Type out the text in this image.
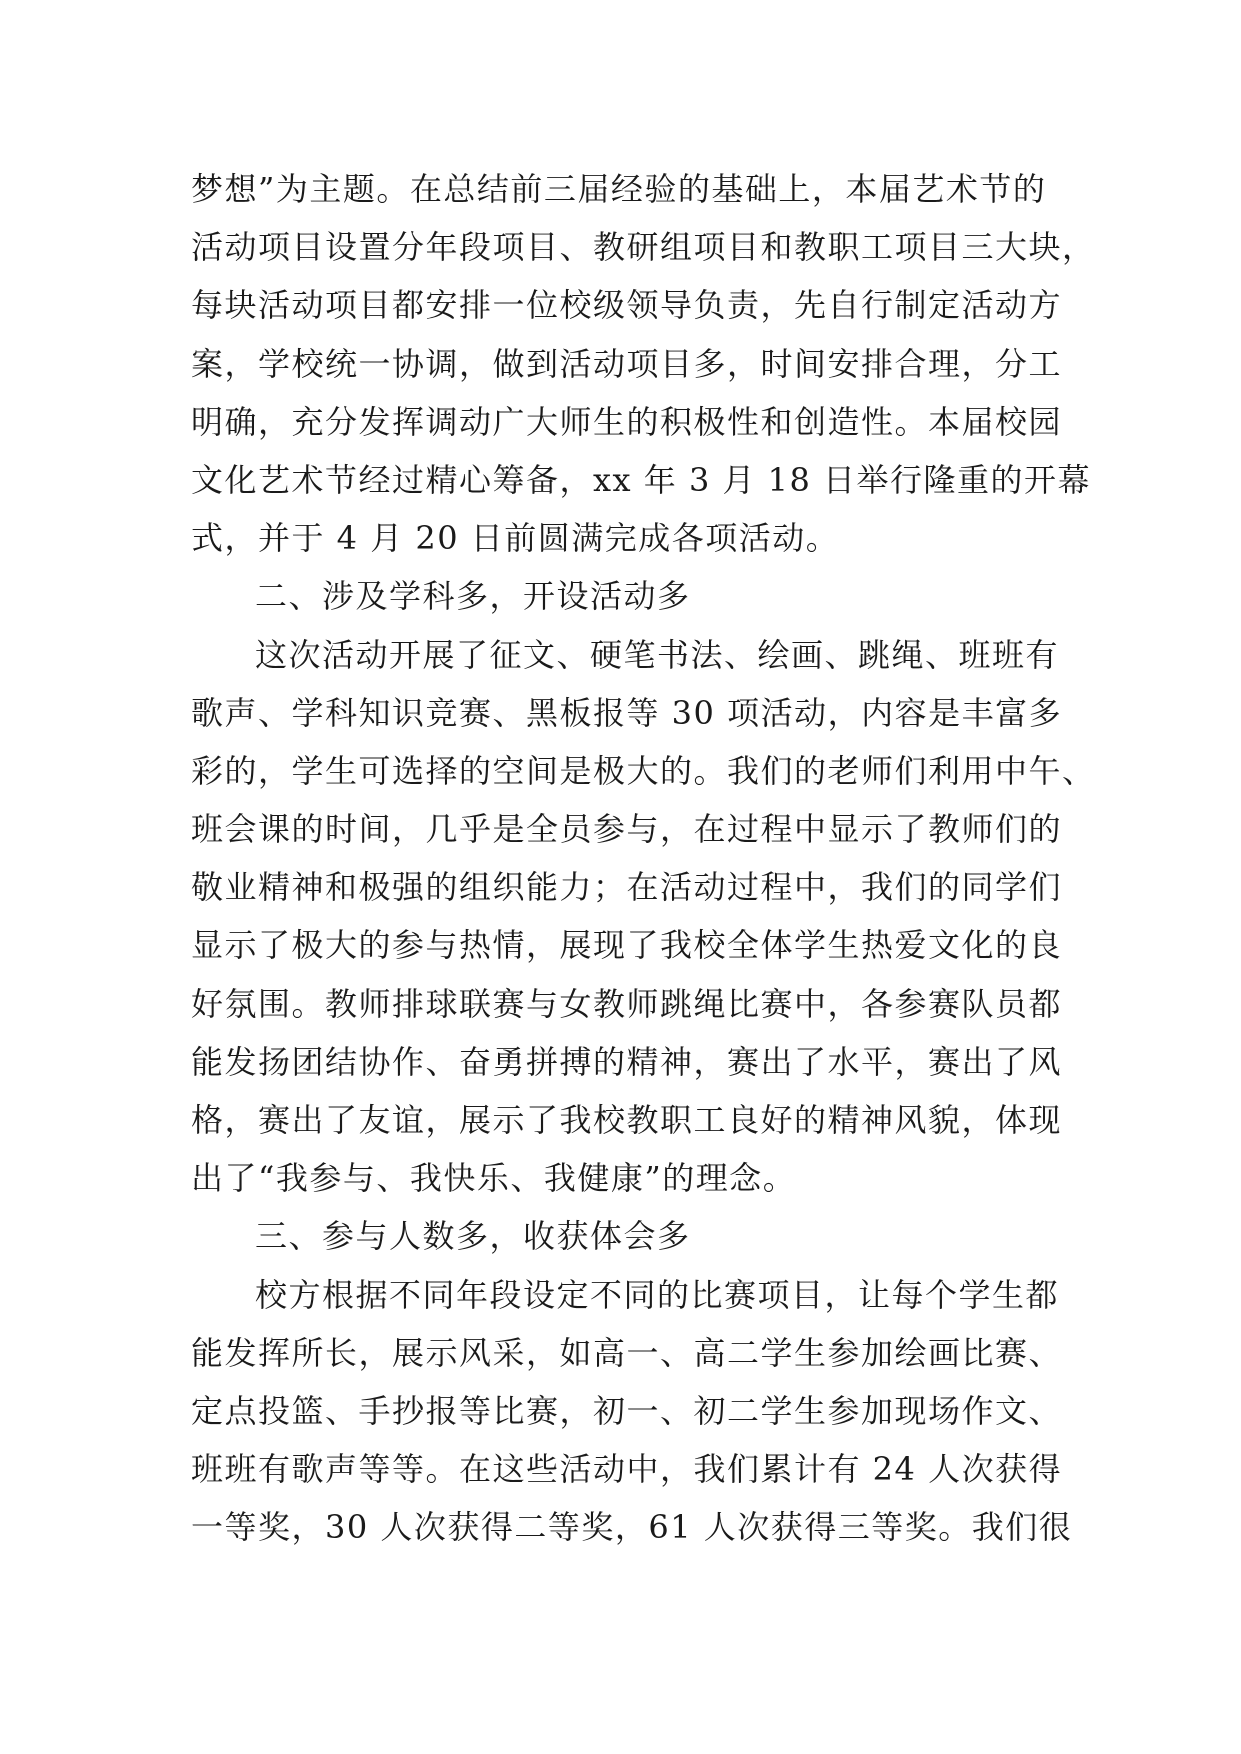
梦想”为主题。在总结前三届经验的基础上，本届艺术节的
活动项目设置分年段项目、教研组项目和教职工项目三大块，
每块活动项目都安排一位校级领导负责，先自行制定活动方
案，学校统一协调，做到活动项目多，时间安排合理，分工
明确，充分发挥调动广大师生的积极性和创造性。本届校园
文化艺术节经过精心筹备，xx 年 3 月 18 日举行隆重的开幕
式，并于 4 月 20 日前圆满完成各项活动。
二、涉及学科多，开设活动多
这次活动开展了征文、硬笔书法、绘画、跳绳、班班有
歌声、学科知识竞赛、黑板报等 30 项活动，内容是丰富多
彩的，学生可选择的空间是极大的。我们的老师们利用中午、
班会课的时间，几乎是全员参与，在过程中显示了教师们的
敬业精神和极强的组织能力；在活动过程中，我们的同学们
显示了极大的参与热情，展现了我校全体学生热爱文化的良
好氛围。教师排球联赛与女教师跳绳比赛中，各参赛队员都
能发扬团结协作、奋勇拼搏的精神，赛出了水平，赛出了风
格，赛出了友谊，展示了我校教职工良好的精神风貌，体现
出了“我参与、我快乐、我健康”的理念。
三、参与人数多，收获体会多
校方根据不同年段设定不同的比赛项目，让每个学生都
能发挥所长，展示风采，如高一、高二学生参加绘画比赛、
定点投篮、手抄报等比赛，初一、初二学生参加现场作文、
班班有歌声等等。在这些活动中，我们累计有 24 人次获得
一等奖，30 人次获得二等奖，61 人次获得三等奖。我们很
